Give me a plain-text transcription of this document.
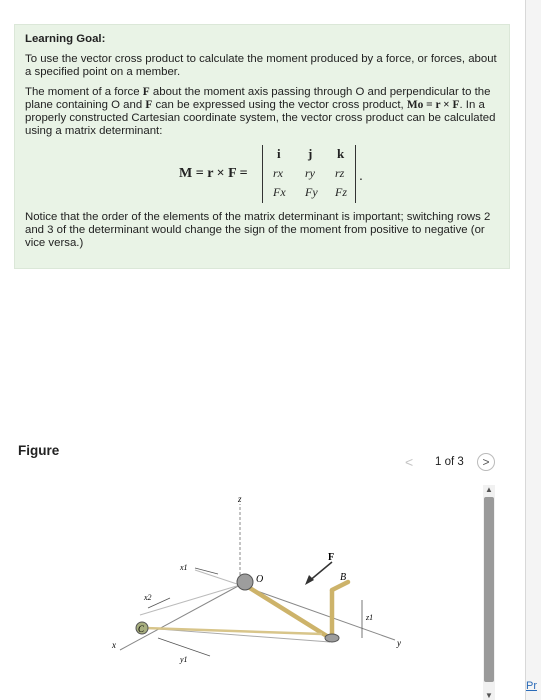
Learning Goal:

To use the vector cross product to calculate the moment produced by a force, or forces, about a specified point on a member.

The moment of a force F about the moment axis passing through O and perpendicular to the plane containing O and F can be expressed using the vector cross product, Mo = r × F. In a properly constructed Cartesian coordinate system, the vector cross product can be calculated using a matrix determinant:

M = r × F =
i j k
rx ry rz
Fx Fy Fz
.

Notice that the order of the elements of the matrix determinant is important; switching rows 2 and 3 of the determinant would change the sign of the moment from positive to negative (or vice versa.)

Figure
< 1 of 3	>
z
x1
x2
O
F
B
C
y1
z1
y
x
▲
▼
Pr
